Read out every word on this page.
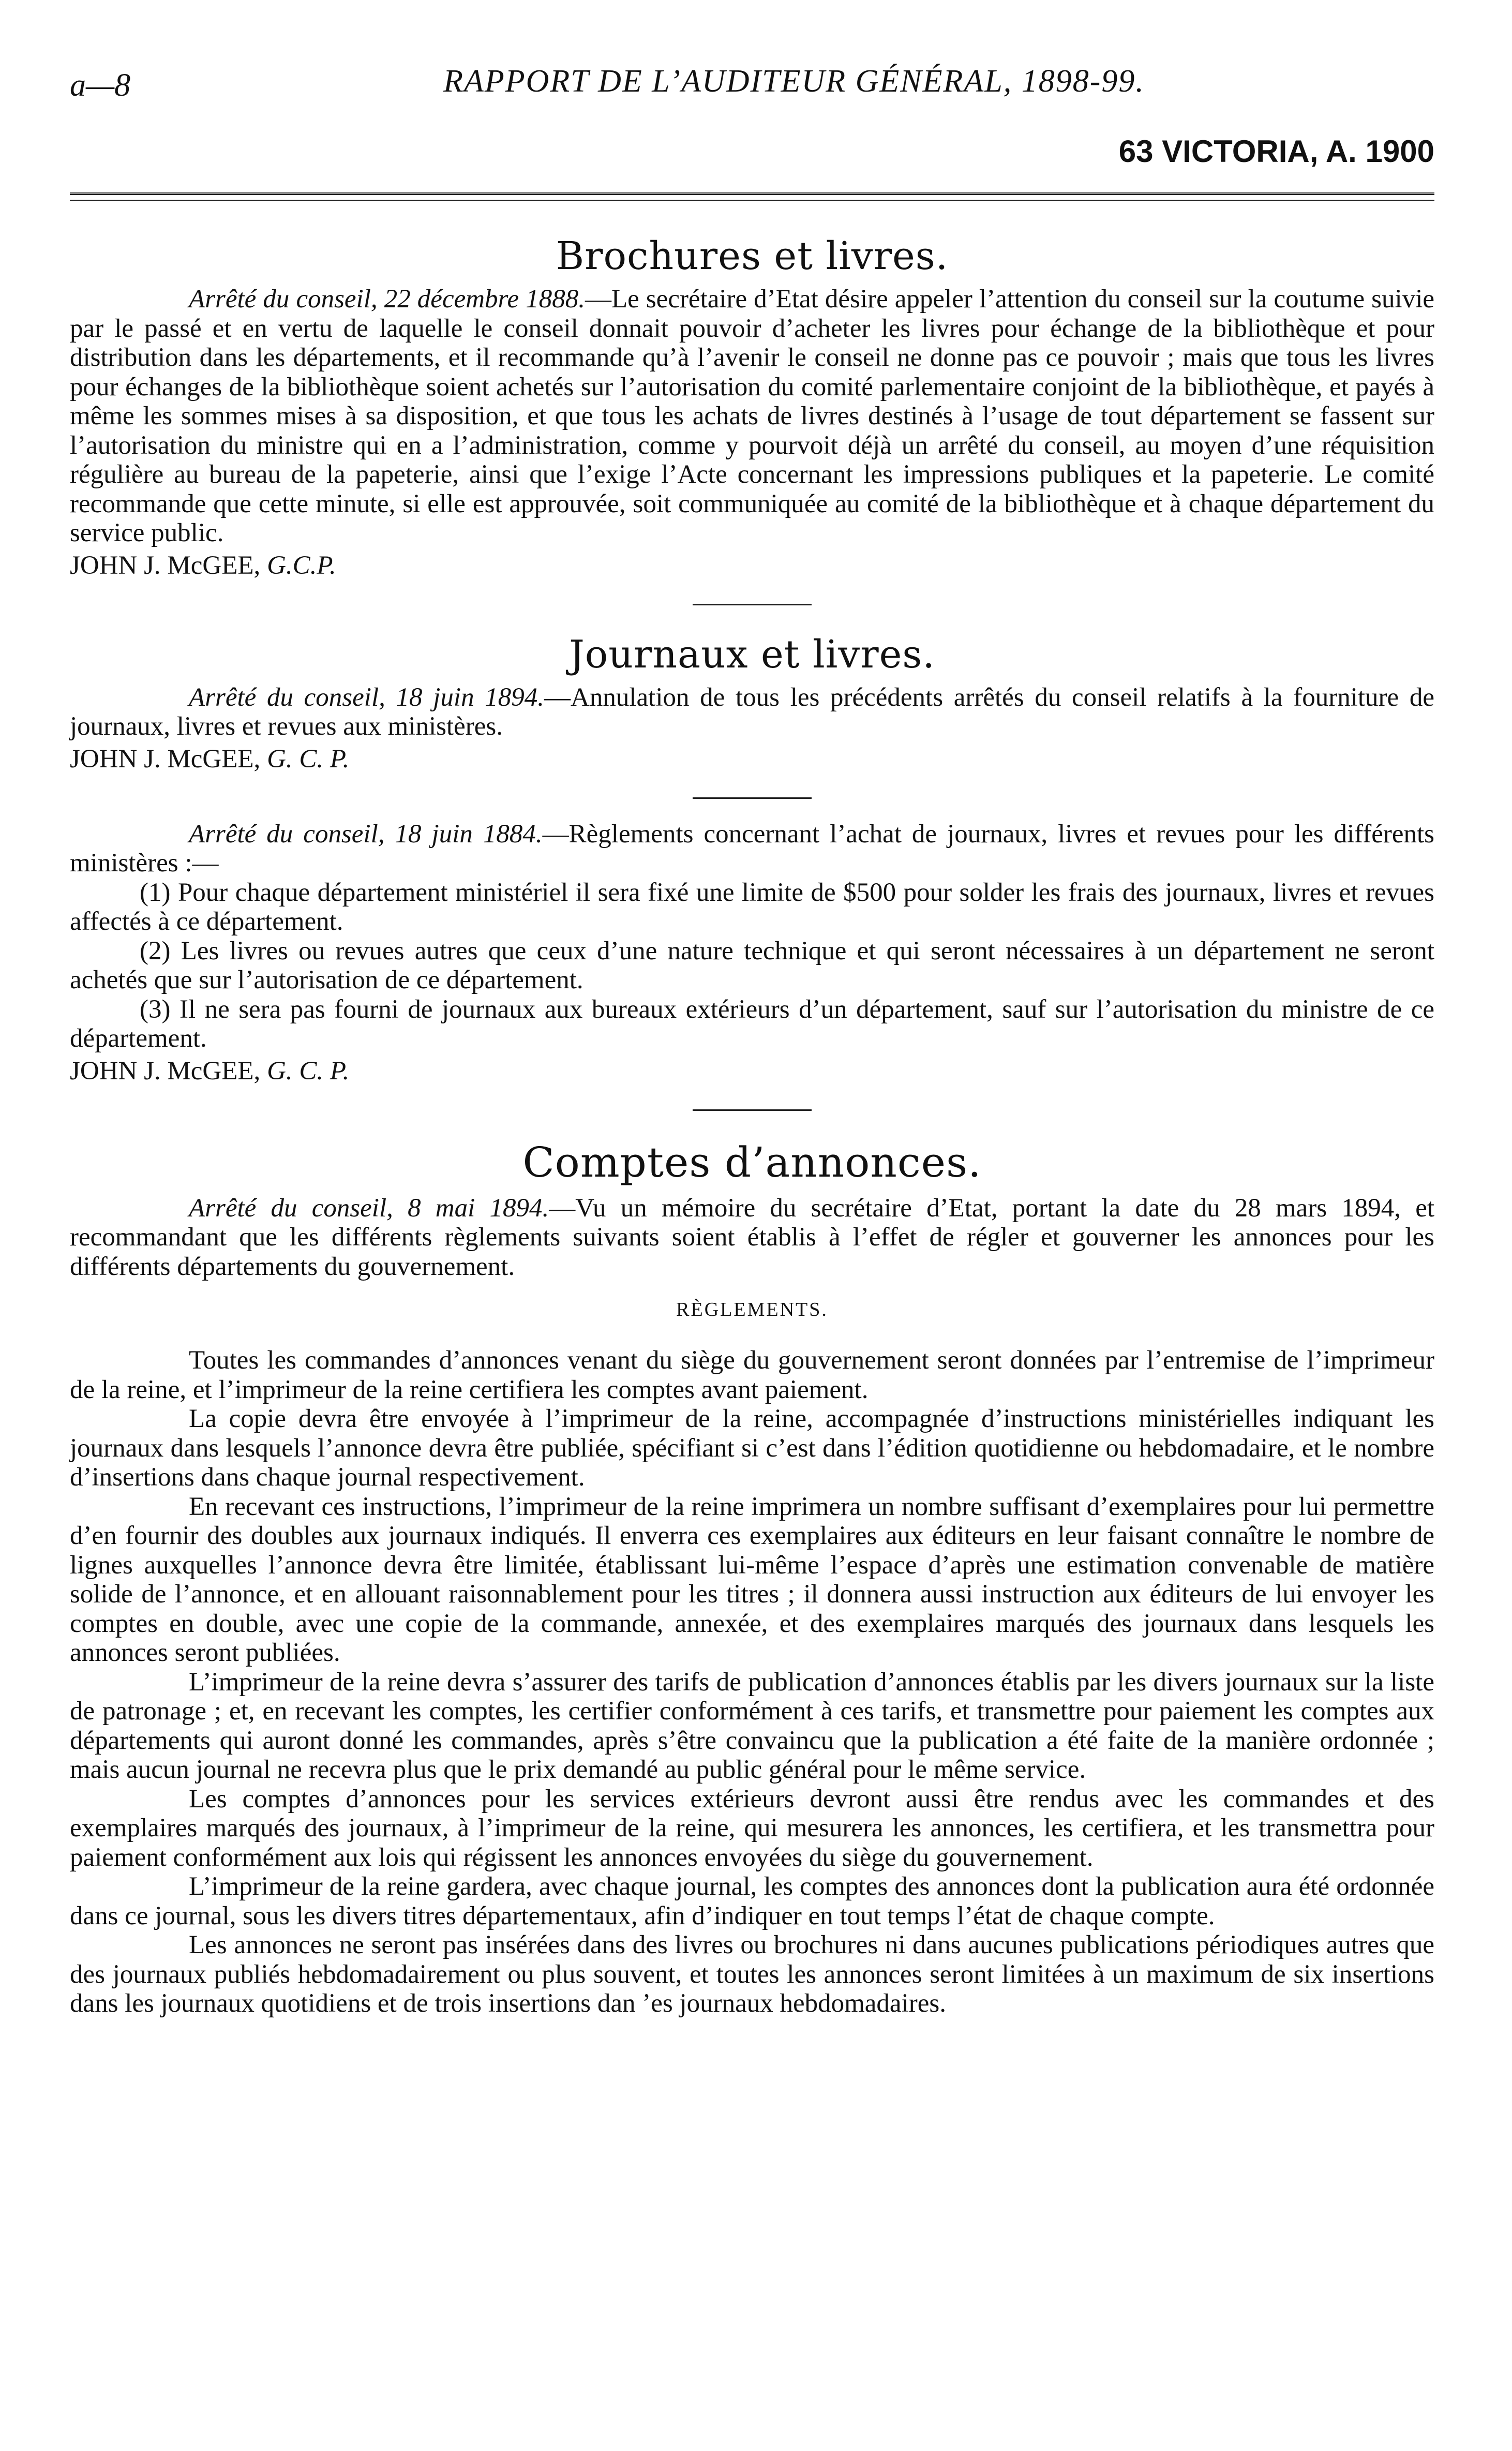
a—8	RAPPORT DE L’AUDITEUR GÉNÉRAL, 1898-99.
63 VICTORIA, A. 1900
Brochures et livres.

Arrêté du conseil, 22 décembre 1888.—Le secrétaire d’Etat désire appeler l’attention du conseil sur la coutume suivie par le passé et en vertu de laquelle le conseil donnait pouvoir d’acheter les livres pour échange de la bibliothèque et pour distribution dans les départements, et il recommande qu’à l’avenir le conseil ne donne pas ce pouvoir ; mais que tous les livres pour échanges de la bibliothèque soient achetés sur l’autorisation du comité parlementaire conjoint de la bibliothèque, et payés à même les sommes mises à sa disposition, et que tous les achats de livres destinés à l’usage de tout département se fassent sur l’autorisation du ministre qui en a l’administration, comme y pourvoit déjà un arrêté du conseil, au moyen d’une réquisition régulière au bureau de la papeterie, ainsi que l’exige l’Acte concernant les impressions publiques et la papeterie. Le comité recommande que cette minute, si elle est approuvée, soit communiquée au comité de la bibliothèque et à chaque département du service public.

JOHN J. McGEE, G.C.P.

Journaux et livres.

Arrêté du conseil, 18 juin 1894.—Annulation de tous les précédents arrêtés du conseil relatifs à la fourniture de journaux, livres et revues aux ministères.

JOHN J. McGEE, G. C. P.

Arrêté du conseil, 18 juin 1884.—Règlements concernant l’achat de journaux, livres et revues pour les différents ministères :—

(1) Pour chaque département ministériel il sera fixé une limite de $500 pour solder les frais des journaux, livres et revues affectés à ce département.

(2) Les livres ou revues autres que ceux d’une nature technique et qui seront nécessaires à un département ne seront achetés que sur l’autorisation de ce département.

(3) Il ne sera pas fourni de journaux aux bureaux extérieurs d’un département, sauf sur l’autorisation du ministre de ce département.

JOHN J. McGEE, G. C. P.

Comptes d’annonces.

Arrêté du conseil, 8 mai 1894.—Vu un mémoire du secrétaire d’Etat, portant la date du 28 mars 1894, et recommandant que les différents règlements suivants soient établis à l’effet de régler et gouverner les annonces pour les différents départements du gouvernement.

RÈGLEMENTS.

Toutes les commandes d’annonces venant du siège du gouvernement seront données par l’entremise de l’imprimeur de la reine, et l’imprimeur de la reine certifiera les comptes avant paiement.

La copie devra être envoyée à l’imprimeur de la reine, accompagnée d’instructions ministérielles indiquant les journaux dans lesquels l’annonce devra être publiée, spécifiant si c’est dans l’édition quotidienne ou hebdomadaire, et le nombre d’insertions dans chaque journal respectivement.

En recevant ces instructions, l’imprimeur de la reine imprimera un nombre suffisant d’exemplaires pour lui permettre d’en fournir des doubles aux journaux indiqués. Il enverra ces exemplaires aux éditeurs en leur faisant connaître le nombre de lignes auxquelles l’annonce devra être limitée, établissant lui-même l’espace d’après une estimation convenable de matière solide de l’annonce, et en allouant raisonnablement pour les titres ; il donnera aussi instruction aux éditeurs de lui envoyer les comptes en double, avec une copie de la commande, annexée, et des exemplaires marqués des journaux dans lesquels les annonces seront publiées.

L’imprimeur de la reine devra s’assurer des tarifs de publication d’annonces établis par les divers journaux sur la liste de patronage ; et, en recevant les comptes, les certifier conformément à ces tarifs, et transmettre pour paiement les comptes aux départements qui auront donné les commandes, après s’être convaincu que la publication a été faite de la manière ordonnée ; mais aucun journal ne recevra plus que le prix demandé au public général pour le même service.

Les comptes d’annonces pour les services extérieurs devront aussi être rendus avec les commandes et des exemplaires marqués des journaux, à l’imprimeur de la reine, qui mesurera les annonces, les certifiera, et les transmettra pour paiement conformément aux lois qui régissent les annonces envoyées du siège du gouvernement.

L’imprimeur de la reine gardera, avec chaque journal, les comptes des annonces dont la publication aura été ordonnée dans ce journal, sous les divers titres départementaux, afin d’indiquer en tout temps l’état de chaque compte.

Les annonces ne seront pas insérées dans des livres ou brochures ni dans aucunes publications périodiques autres que des journaux publiés hebdomadairement ou plus souvent, et toutes les annonces seront limitées à un maximum de six insertions dans les journaux quotidiens et de trois insertions dan ’es journaux hebdomadaires.
